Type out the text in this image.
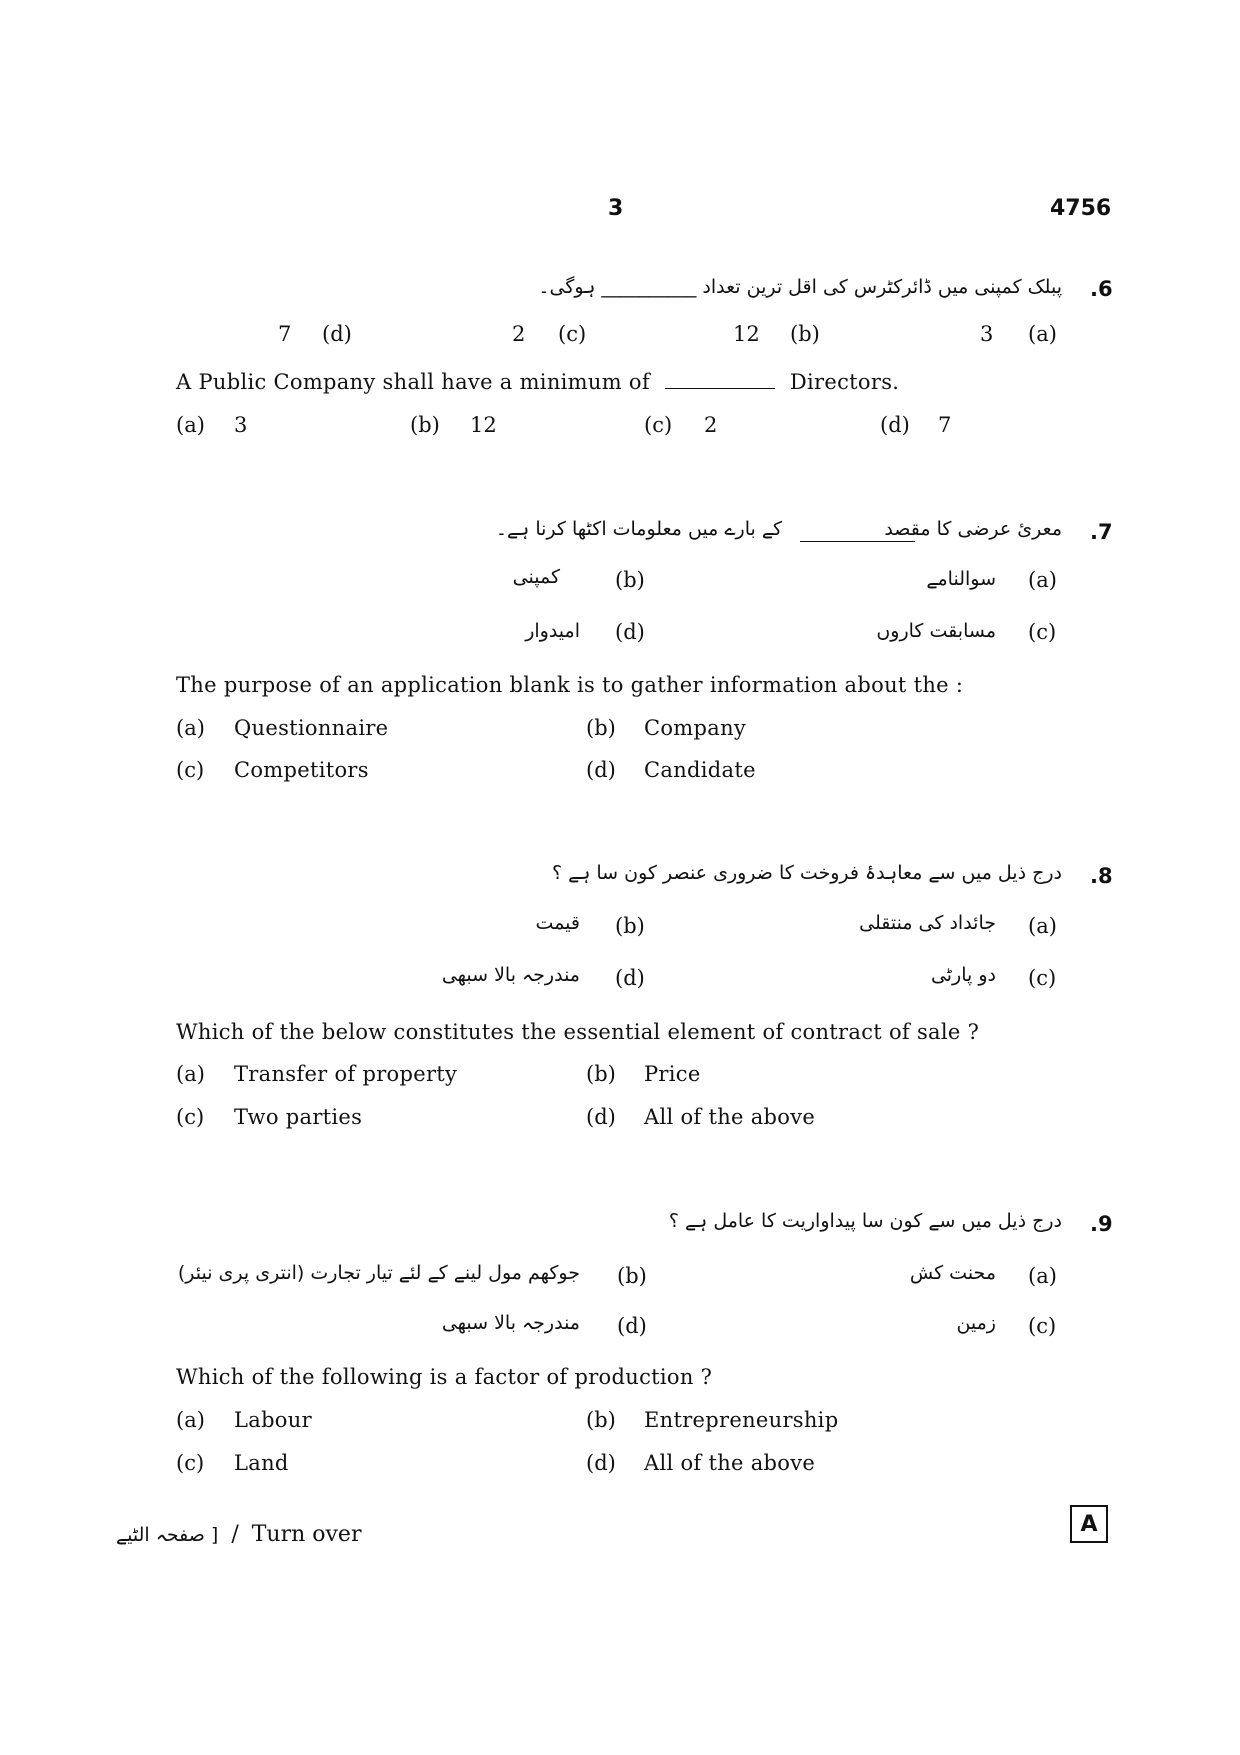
3	4756
.6
پبلک کمپنی میں ڈائرکٹرس کی اقل ترین تعداد __________ ہوگی۔
(a)
3
(b)
12
(c)
2
(d)
7
A Public Company shall have a minimum of	Directors.
(a) 3	(b) 12	(c) 2	(d) 7
.7
معریٔ عرضی کا مقصد
کے بارے میں معلومات اکٹھا کرنا ہے۔
(a)
سوالنامے
(b)
کمپنی
(c)
مسابقت کاروں
(d)
امیدوار
The purpose of an application blank is to gather information about the :
(a) Questionnaire	(b) Company
(c) Competitors	(d) Candidate
.8
درج ذیل میں سے معاہدۂ فروخت کا ضروری عنصر کون سا ہے ؟
(a)
جائداد کی منتقلی
(b)
قیمت
(c)
دو پارٹی
(d)
مندرجہ بالا سبھی
Which of the below constitutes the essential element of contract of sale ?
(a) Transfer of property	(b) Price
(c) Two parties	(d) All of the above
.9
درج ذیل میں سے کون سا پیداواریت کا عامل ہے ؟
(a)
محنت کش
(b)
جوکھم مول لینے کے لئے تیار تجارت (انتری پری نیئر)
(c)
زمین
(d)
مندرجہ بالا سبھی
Which of the following is a factor of production ?
(a) Labour	(b) Entrepreneurship
(c) Land	(d) All of the above
[ صفحہ الٹیے / Turn over	A
